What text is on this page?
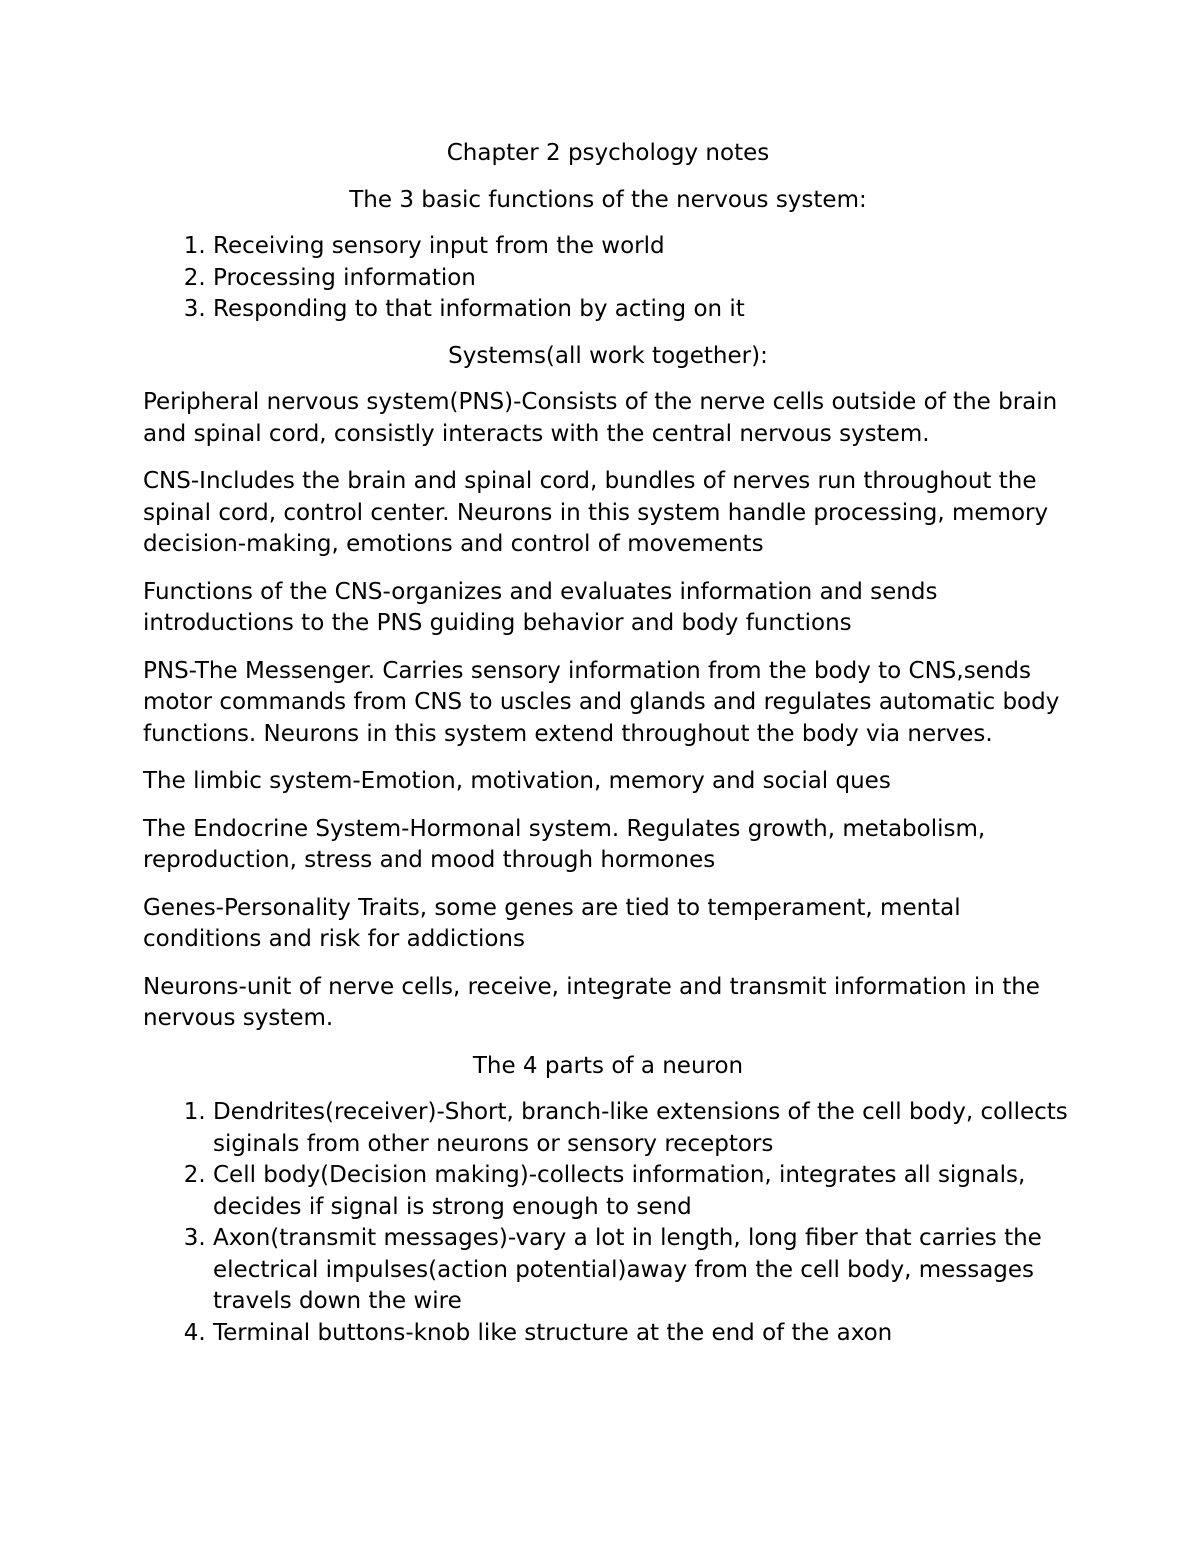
Chapter 2 psychology notes
The 3 basic functions of the nervous system:
1. Receiving sensory input from the world
2. Processing information
3. Responding to that information by acting on it
Systems(all work together):

Peripheral nervous system(PNS)-Consists of the nerve cells outside of the brain and spinal cord, consistly interacts with the central nervous system.

CNS-Includes the brain and spinal cord, bundles of nerves run throughout the spinal cord, control center. Neurons in this system handle processing, memory decision-making, emotions and control of movements

Functions of the CNS-organizes and evaluates information and sends introductions to the PNS guiding behavior and body functions

PNS-The Messenger. Carries sensory information from the body to CNS,sends motor commands from CNS to uscles and glands and regulates automatic body functions. Neurons in this system extend throughout the body via nerves.

The limbic system-Emotion, motivation, memory and social ques

The Endocrine System-Hormonal system. Regulates growth, metabolism, reproduction, stress and mood through hormones

Genes-Personality Traits, some genes are tied to temperament, mental conditions and risk for addictions

Neurons-unit of nerve cells, receive, integrate and transmit information in the nervous system.

The 4 parts of a neuron
1. Dendrites(receiver)-Short, branch-like extensions of the cell body, collects siginals from other neurons or sensory receptors
2. Cell body(Decision making)-collects information, integrates all signals, decides if signal is strong enough to send
3. Axon(transmit messages)-vary a lot in length, long fiber that carries the electrical impulses(action potential)away from the cell body, messages travels down the wire
4. Terminal buttons-knob like structure at the end of the axon
